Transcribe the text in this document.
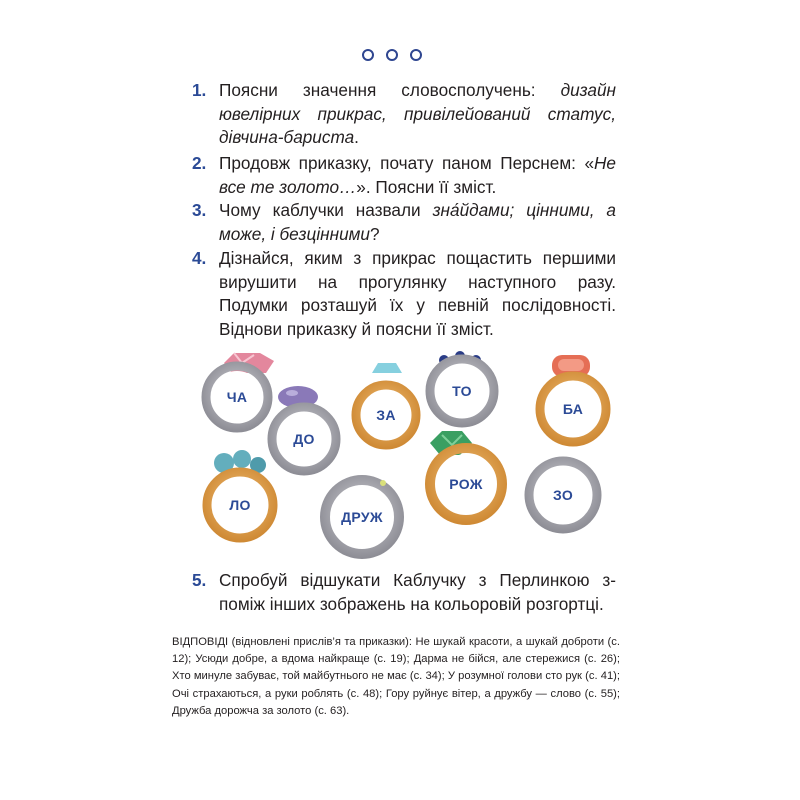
1. Поясни значення словосполучень: дизайн ювелірних прикрас, привілейований статус, дівчина-бариста.
2. Продовж приказку, почату паном Перснем: «Не все те золото…». Поясни її зміст.
3. Чому каблучки назвали зна́йдами; цінними, а може, і безцінними?
4. Дізнайся, яким з прикрас пощастить першими вирушити на прогулянку наступного разу. Подумки розташуй їх у певній послідовності. Віднови приказку й поясни її зміст.
ЧА
ДО
ЗА
ТО
БА
ЛО
ДРУЖ
РОЖ
ЗО
5. Спробуй відшукати Каблучку з Перлинкою з-поміж інших зображень на кольоровій розгортці.
ВІДПОВІДІ (відновлені прислів’я та приказки): Не шукай красоти, а шукай доброти (с. 12); Усюди добре, а вдома найкраще (с. 19); Дарма не бійся, але стережися (с. 26); Хто минуле забуває, той майбутнього не має (с. 34); У розумної голови сто рук (с. 41); Очі страхаються, а руки роблять (с. 48); Гору руйнує вітер, а дружбу — слово (с. 55); Дружба дорожча за золото (с. 63).
